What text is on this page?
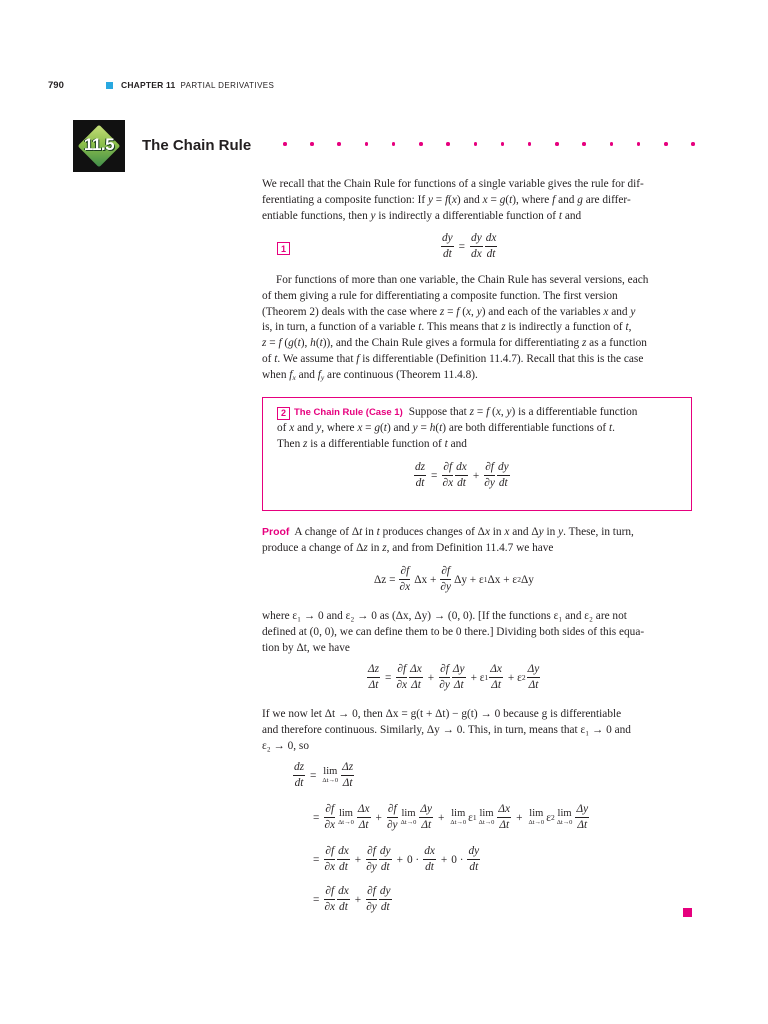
790	CHAPTER 11 PARTIAL DERIVATIVES
11.5	The Chain Rule
We recall that the Chain Rule for functions of a single variable gives the rule for dif-
ferentiating a composite function: If y = f(x) and x = g(t), where f and g are differ-
entiable functions, then y is indirectly a differentiable function of t and
1	$\frac{dy}{dt} = \frac{dy}{dx} \frac{dx}{dt}$
For functions of more than one variable, the Chain Rule has several versions, each
of them giving a rule for differentiating a composite function. The first version
(Theorem 2) deals with the case where z = f (x, y) and each of the variables x and y
is, in turn, a function of a variable t. This means that z is indirectly a function of t,
z = f (g(t), h(t)), and the Chain Rule gives a formula for differentiating z as a function
of t. We assume that f is differentiable (Definition 11.4.7). Recall that this is the case
when $f_x$ and $f_y$ are continuous (Theorem 11.4.8).
2 The Chain Rule (Case 1) Suppose that z = f (x, y) is a differentiable function
of x and y, where x = g(t) and y = h(t) are both differentiable functions of t.
Then z is a differentiable function of t and
$\frac{dz}{dt} = \frac{\partial f}{\partial x} \frac{dx}{dt} + \frac{\partial f}{\partial y} \frac{dy}{dt}$
Proof A change of Δt in t produces changes of Δx in x and Δy in y. These, in turn,
produce a change of Δz in z, and from Definition 11.4.7 we have
$\Delta z = \frac{\partial f}{\partial x}$ $\Delta x + \frac{\partial f}{\partial y}$ Δy + ε 1 Δx + ε 2 Δy
where ε₁ → 0 and ε₂ → 0 as (Δx, Δy) → (0, 0). [If the functions ε₁ and ε₂ are not
defined at (0, 0), we can define them to be 0 there.] Dividing both sides of this equa-
tion by Δt, we have
$\frac{\Delta z}{\Delta t} = \frac{\partial f}{\partial x} \frac{\Delta x}{\Delta t} + \frac{\partial f}{\partial y} \frac{\Delta y}{\Delta t} + \varepsilon$ $1 \frac{\Delta x}{\Delta t} + \varepsilon$ $2 \frac{\Delta y}{\Delta t}$
If we now let Δt → 0, then Δx = g(t + Δt) − g(t) → 0 because g is differentiable
and therefore continuous. Similarly, Δy → 0. This, in turn, means that ε₁ → 0 and
ε₂ → 0, so
$\frac{dz}{dt} = \lim$
$\Delta t\to 0 \frac{\Delta z}{\Delta t}$
= $\frac{\partial f}{\partial x}$ lim
$\Delta t\to 0 \frac{\Delta x}{\Delta t} + \frac{\partial f}{\partial y}$ lim
$\Delta t\to 0 \frac{\Delta y}{\Delta t} + \lim$
Δt→0 ε 1 lim
$\Delta t\to 0 \frac{\Delta x}{\Delta t} + \lim$
Δt→0 ε 2 lim
$\Delta t\to 0 \frac{\Delta y}{\Delta t}$
= $\frac{\partial f}{\partial x} \frac{dx}{dt} + \frac{\partial f}{\partial y} \frac{dy}{dt} + 0 \cdot \frac{dx}{dt} + 0 \cdot \frac{dy}{dt}$
= $\frac{\partial f}{\partial x} \frac{dx}{dt} + \frac{\partial f}{\partial y} \frac{dy}{dt}$
